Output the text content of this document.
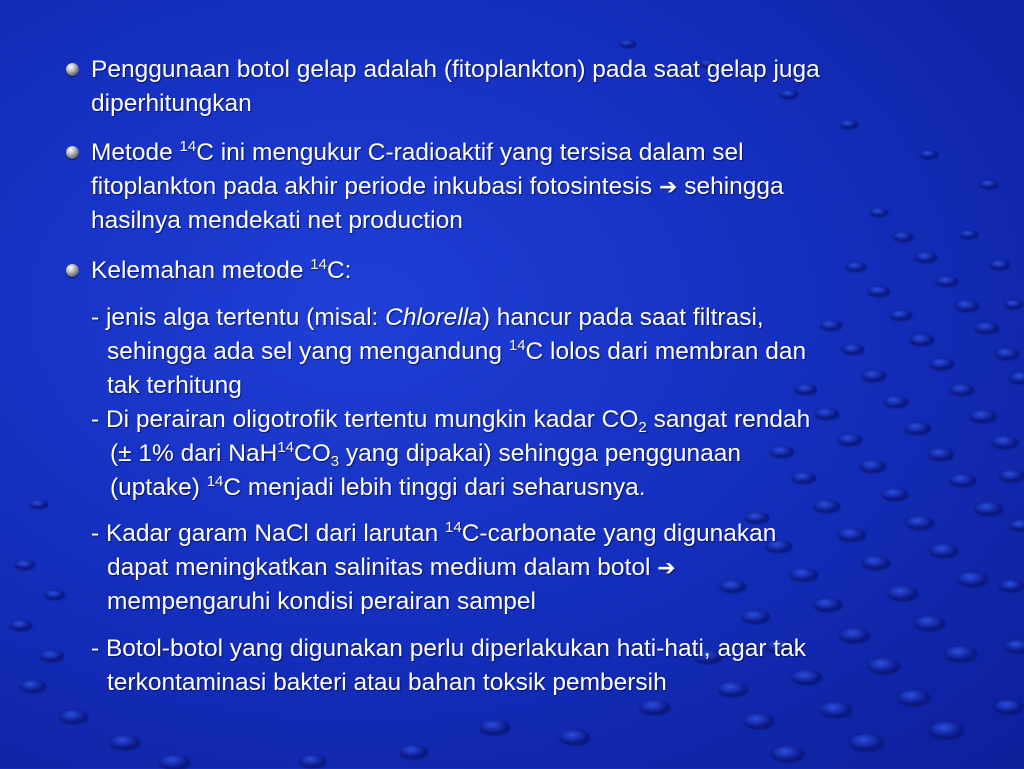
Penggunaan botol gelap adalah (fitoplankton) pada saat gelap juga
diperhitungkan
Metode $^{14}$C ini mengukur C-radioaktif yang tersisa dalam sel
fitoplankton pada akhir periode inkubasi fotosintesis ➔ sehingga
hasilnya mendekati net production
Kelemahan metode $^{14}$C:
- jenis alga tertentu (misal: Chlorella) hancur pada saat filtrasi,
sehingga ada sel yang mengandung $^{14}$C lolos dari membran dan
tak terhitung
- Di perairan oligotrofik tertentu mungkin kadar $CO_2$ sangat rendah
(± 1% dari $NaH^{14}CO_3$ yang dipakai) sehingga penggunaan
(uptake) $^{14}$C menjadi lebih tinggi dari seharusnya.
- Kadar garam NaCl dari larutan $^{14}$C-carbonate yang digunakan
dapat meningkatkan salinitas medium dalam botol ➔
mempengaruhi kondisi perairan sampel
- Botol-botol yang digunakan perlu diperlakukan hati-hati, agar tak
terkontaminasi bakteri atau bahan toksik pembersih
